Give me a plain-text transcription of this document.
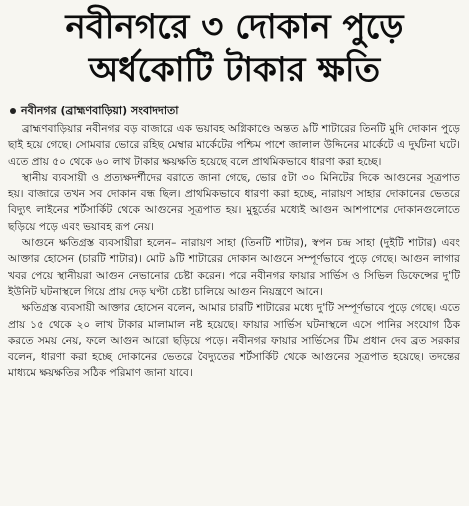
নবীনগরে ৩ দোকান পুড়ে
অর্ধকোটি টাকার ক্ষতি
নবীনগর (ব্রাহ্মণবাড়িয়া) সংবাদদাতা

ব্রাহ্মণবাড়িয়ার নবীনগর বড় বাজারে এক ভয়াবহ অগ্নিকাণ্ডে অন্তত ৯টি শাটারের তিনটি মুদি দোকান পুড়ে ছাই হয়ে গেছে। সোমবার ভোরে রহিছ মেম্বার মার্কেটের পশ্চিম পাশে জালাল উদ্দিনের মার্কেটে এ দুর্ঘটনা ঘটে। এতে প্রায় ৫০ থেকে ৬০ লাখ টাকার ক্ষয়ক্ষতি হয়েছে বলে প্রাথমিকভাবে ধারণা করা হচ্ছে।

স্থানীয় ব্যবসায়ী ও প্রত্যক্ষদর্শীদের বরাতে জানা গেছে, ভোর ৫টা ৩০ মিনিটের দিকে আগুনের সূত্রপাত হয়। বাজারে তখন সব দোকান বন্ধ ছিল। প্রাথমিকভাবে ধারণা করা হচ্ছে, নারায়ণ সাহার দোকানের ভেতরে বিদ্যুৎ লাইনের শর্টসার্কিট থেকে আগুনের সূত্রপাত হয়। মুহূর্তের মধ্যেই আগুন আশপাশের দোকানগুলোতে ছড়িয়ে পড়ে এবং ভয়াবহ রূপ নেয়।

আগুনে ক্ষতিগ্রস্ত ব্যবসায়ীরা হলেন– নারায়ণ সাহা (তিনটি শাটার), স্বপন চন্দ্র সাহা (দুইটি শাটার) এবং আক্তার হোসেন (চারটি শাটার)। মোট ৯টি শাটারের দোকান আগুনে সম্পূর্ণভাবে পুড়ে গেছে। আগুন লাগার খবর পেয়ে স্থানীয়রা আগুন নেভানোর চেষ্টা করেন। পরে নবীনগর ফায়ার সার্ভিস ও সিভিল ডিফেন্সের দু'টি ইউনিট ঘটনাস্থলে গিয়ে প্রায় দেড় ঘণ্টা চেষ্টা চালিয়ে আগুন নিয়ন্ত্রণে আনে।

ক্ষতিগ্রস্ত ব্যবসায়ী আক্তার হোসেন বলেন, আমার চারটি শাটারের মধ্যে দু'টি সম্পূর্ণভাবে পুড়ে গেছে। এতে প্রায় ১৫ থেকে ২০ লাখ টাকার মালামাল নষ্ট হয়েছে। ফায়ার সার্ভিস ঘটনাস্থলে এসে পানির সংযোগ ঠিক করতে সময় নেয়, ফলে আগুন আরো ছড়িয়ে পড়ে। নবীনগর ফায়ার সার্ভিসের টিম প্রধান দেব ব্রত সরকার বলেন, ধারণা করা হচ্ছে দোকানের ভেতরে বৈদ্যুতের শর্টসার্কিট থেকে আগুনের সূত্রপাত হয়েছে। তদন্তের মাধ্যমে ক্ষয়ক্ষতির সঠিক পরিমাণ জানা যাবে।
